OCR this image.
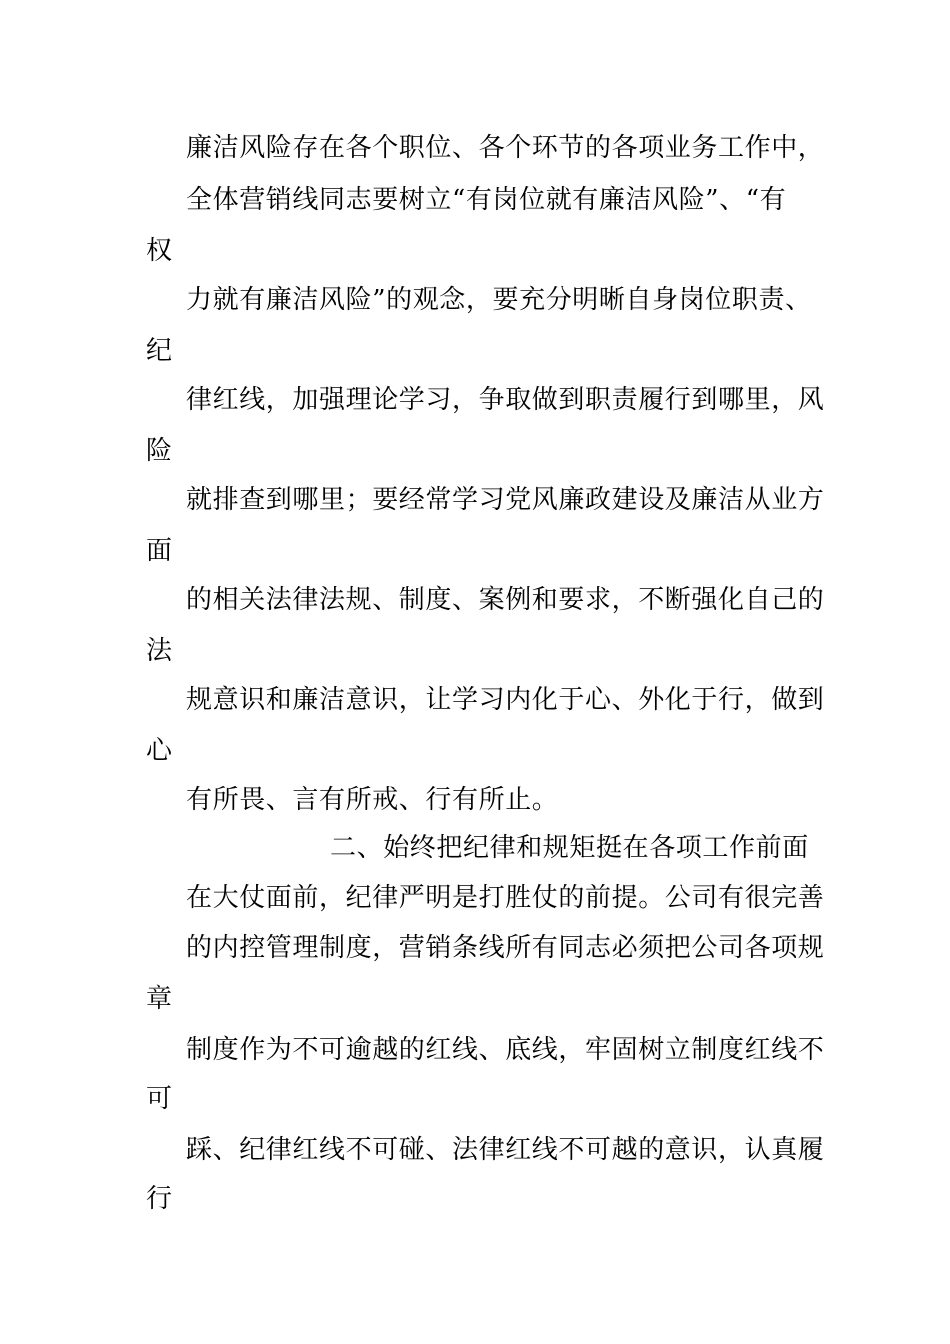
廉洁风险存在各个职位、各个环节的各项业务工作中，
全体营销线同志要树立“有岗位就有廉洁风险”、“有
权
力就有廉洁风险”的观念，要充分明晰自身岗位职责、
纪
律红线，加强理论学习，争取做到职责履行到哪里，风
险
就排查到哪里；要经常学习党风廉政建设及廉洁从业方
面
的相关法律法规、制度、案例和要求，不断强化自己的
法
规意识和廉洁意识，让学习内化于心、外化于行，做到
心
有所畏、言有所戒、行有所止。
二、始终把纪律和规矩挺在各项工作前面
在大仗面前，纪律严明是打胜仗的前提。公司有很完善
的内控管理制度，营销条线所有同志必须把公司各项规
章
制度作为不可逾越的红线、底线，牢固树立制度红线不
可
踩、纪律红线不可碰、法律红线不可越的意识，认真履
行
